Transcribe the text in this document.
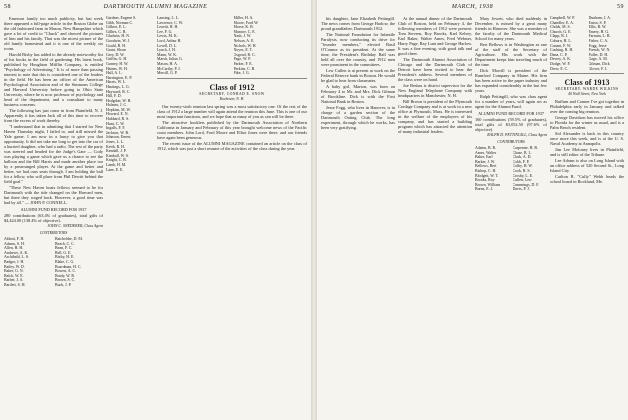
58	DARTMOUTH ALUMNI MAGAZINE

Emerson family too much publicity, but last week there appeared a full-page article in the Boston Globe on the old fashioned farm in Mason, New Hampshire which gave a lot of credit to "Chuck" and showed the pictures of him and his family. That was the nicest picture of the old family homestead and it is one of the weekly six room.

Harold Bixby has added to the already noteworthy list of his books in the field of gardening. His latest book, published by Houghton Mifflin Company, is entitled "Psychology of Advertising." It is of more than passing interest to note that this is considered one of the leaders in the field. He has been an officer of the American Psychological Association and of the Simmons College and Harvard University before going to Ohio State University, where he is now professor of psychology and head of the department, and a consultant to many business concerns.

The following has just come in from Plainfield, N. J. Apparently it has taken Jack all of this time to recover from the excess of work thereby.

"I understand that in admitting that I started for New Haven Thursday night, I failed to, and still missed the Yale game. I am now in a hurry to give you that opportunity. It did not take me long to get into the car of a hurried daughter, who had a radio. The rest of the party was steered and headed for the Judge's Gate — Cody was playing a game which gave us a chance to see the balloon and the Bill Harris and made another place too by a prearranged player. At the game and better and better, we had ours seats through. I am holding the ball for a fellow, who will place from Phil Dewitt behind the field goal."

"These New Haven boats fellows seemed to be for Dartmouth with the tide changed on the Harvard men, but there they waged back. However, a good time was had by all." — JOHN P. CONNELL.

ALUMNI FUND RECORD FOR 1937

280 contributions (63.4% of graduates), total gifts of $4,424.00 (138.4% of objective).

JOHN C. SNEDEKER, Class Agent
CONTRIBUTORS
Abbott, F. H.
Adams, S. H.
Allen, H. H.
Andrews, A. K.
Archibald, L. S.
Badger, J. H.
Bailey, W. D.
Baker, G. N.
Balch, W. E.
Barber, J. A.
Bartlett, S. H.
Batchelder, D. M.
Beach, C. C.
Bean, F. C.
Bell, G. E.
Bixby, H. E.
Blake, C. G.
Boardman, H. C.
Bowen, A. C.
Brady, W. R.
Brown, S. C.
Buck, J. P.
Gardner, Eugene S.
Gibb, Norman C.
Gilbert, E. L.
Gillies, C. R.
Gladwin, H. N.
Goodwin, W. J.
Gould, R. H.
Grant, Sloan
Grey, D. W.
Griffin, G. H.
Gurney, H. W.
Haines, W. H.
Hall, A. L.
Harrington, E. P.
Harris, W. L.
Hastings, L. G.
Hayward, R. C.
Hill, F. D.
Hodgdon, W. H.
Holmes, J. C.
Hopkins, M. W.
Howard, E. N.
Hubbard, R. S.
Hunt, C. W.
Ingalls, F. F.
Jackson, W. B.
Johnson, Ernest
Jones, L. L.
Keith, R. H.
Kendall, J. P.
Kimball, W. S.
Knight, C. R.
Lamb, H. M.
Lane, E. E.
Lansing, L. L.
Lawrence, C. W.
Leavitt, R. H.
Lee, F. G.
Lewis, M. K.
Lord, Arthur H.
Lovell, D. L.
Lynch, J. H.
Mann, W. K.
Marsh, Julius G.
Mason, H. A.
McCarthy, P. J.
Merrill, G. P.
Miller, H. A.
Moore, Ford W.
Morse, K. B.
Munroe, C. E.
Nash, J. W.
Nelson, A. E.
Nichols, W. H.
Noyes, E. T.
Osgood, R. C.
Page, W. P.
Parker, F. E.
Perkins, C. B.
Pike, J. G.
Class of 1912
SECRETARY, CONRAD E. SNOW
Rochester, N. H.

Our twenty-sixth reunion last spring was a most satisfactory one. Of the rest of the class of 1912 a large number will again attend the reunion this June. This is one of our most important functions, and we hope that as many of you as can will be there.

The attractive booklets published by the Dartmouth Association of Northern California in January and February of this year brought welcome news of the Pacific coast members. John Lord, Ford Moore and Elliot Jones were there, and our friends have again been generous.

The recent issue of the ALUMNI MAGAZINE contained an article on the class of 1912, which was just a short resume of the activities of the class during the year.

59
MARCH, 1938

his daughter, Jane Elizabeth Pettingill. The news comes from George Harlow, the proud grandfather, Dartmouth 1912.

The National Foundation for Infantile Paralysis, now conducting its drive for "founder members," elected Basil O'Connor as its president. At the same time, the President's Birthday Ball was held all over the country, and 1912 men were prominent in the committees.

Lew Cullen is at present at work on the Federal Reserve bank in Boston. He would be glad to hear from classmates.

A baby girl, Marion, was born on February 4 to Mr. and Mrs. Dick Gilman of Brookline. Dick is with the First National Bank in Boston.

Jesse Fogg, who lives in Hanover, is in charge of a garden section of the Dartmouth Outing Club. The long experiment, through which he works, has been very gratifying.

At the annual dinner of the Dartmouth Club of Boston, held on February 4, the following members of 1912 were present: Tom Stevens, Roy Brooks, Karl Kelsey, Earl Baker, Walter Ames, Fred Webster, Harry Page, Ray Lunt and George Harlow. It was a fine evening, with good talk and good cheer.

The Dartmouth Alumni Association of Chicago and the Dartmouth Club of Detroit have been invited to hear the President's address. Several members of the class were on hand.

Joe Besbas is district supervisor for the New England Telephone Company with headquarters in Manchester, N. H.

Bill Brown is president of the Plymouth Cordage Company and is at work in a new office at Plymouth, Mass. He is interested in the welfare of the employees of his company, and has started a building program which has attracted the attention of many industrial leaders.

Mary Jewett, who died suddenly in December, is missed by a great many friends in Hanover. She was a member of the faculty of the Dartmouth Medical School for many years.

Bert Bellows is in Washington as one of the staff of the Secretary of Agriculture. His work with the Department keeps him traveling much of the time.

Dick Morrill is president of the Rumford Company in Maine. His firm has been active in the paper industry and has expanded considerably in the last few years.

Ralph Pettingill, who was class agent for a number of years, will again act as agent for the Alumni Fund.

ALUMNI FUND RECORD FOR 1937

160 contributions (59.5% of graduates), total gifts of $3,052.50 (97.6% of objective).

RALPH D. PETTINGILL, Class Agent
CONTRIBUTORS
Adams, B. R.
Ames, Walter
Baker, Earl
Barker, J. W.
Bellows, Bert
Bishop, C. H.
Blodgett, W. T.
Brooks, Roy
Brown, William
Burns, E. J.
Carpenter, H. B.
Chase, R. L.
Clark, A. D.
Cobb, F. P.
Colby, H. W.
Cook, R. S.
Crosby, L. E.
Cullen, Lew
Cummings, D. F.
Davis, P. J.
Campbell, W. P.
Chandler, E. A.
Childs, M. S.
Church, G. E.
Clapp, R. J.
Coburn, H. L.
Conant, F. W.
Cushing, R. H.
Dana, C. P.
Dewey, A. K.
Dodge, W. F.
Drew, E. C.
Dunham, J. A.
Eaton, S. P.
Ellis, R. W.
Emery, H. G.
Farnum, L. B.
Fisher, C. A.
Fogg, Jesse
French, W. N.
Fuller, D. H.
Gage, A. M.
Gilman, Dick
Glover, F. J.
Class of 1913
SECRETARY, WARDE WILKINS
40 Wall Street, New York

Buffum and Conner I've got together in Philadelphia early in January and talked over the coming big reunion.

George Davidson has moved his office to Florida for the winter as usual, and is a Palm Beach resident.

Sid Alexander is back in this country once more this week, and is at the U. S. Naval Academy at Annapolis.

Jim Lee Moloney lives in Plainfield, and is still editor of the Tribune.

Lee Adams is also on Long Island with an office address of 520 Second St., Long Island City.

Carlton R. "Cully" Webb heads the school board in Rockland, Me.
